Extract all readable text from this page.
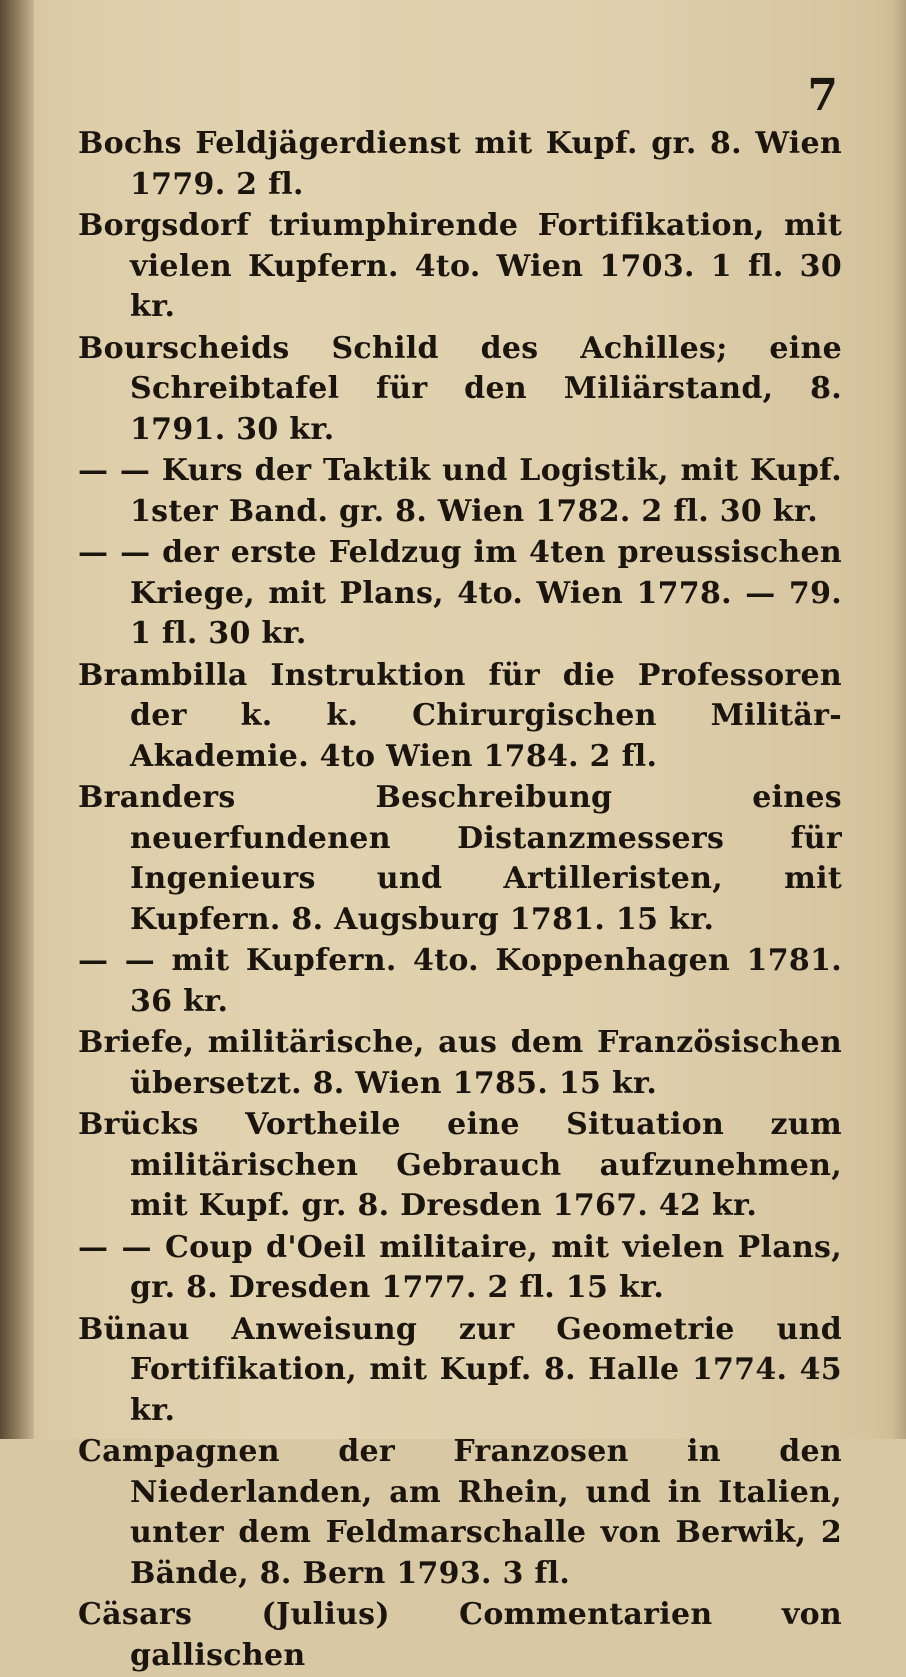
7

Bochs Feldjägerdienst mit Kupf. gr. 8. Wien 1779. 2 fl.

Borgsdorf triumphirende Fortifikation, mit vielen Kupfern. 4to. Wien 1703. 1 fl. 30 kr.

Bourscheids Schild des Achilles; eine Schreibtafel für den Miliärstand, 8. 1791. 30 kr.

— — Kurs der Taktik und Logistik, mit Kupf. 1ster Band. gr. 8. Wien 1782. 2 fl. 30 kr.

— — der erste Feldzug im 4ten preussischen Kriege, mit Plans, 4to. Wien 1778. — 79. 1 fl. 30 kr.

Brambilla Instruktion für die Professoren der k. k. Chirurgischen Militär-Akademie. 4to Wien 1784. 2 fl.

Branders Beschreibung eines neuerfundenen Distanzmessers für Ingenieurs und Artilleristen, mit Kupfern. 8. Augsburg 1781. 15 kr.

— — mit Kupfern. 4to. Koppenhagen 1781. 36 kr.

Briefe, militärische, aus dem Französischen übersetzt. 8. Wien 1785. 15 kr.

Brücks Vortheile eine Situation zum militärischen Gebrauch aufzunehmen, mit Kupf. gr. 8. Dresden 1767. 42 kr.

— — Coup d'Oeil militaire, mit vielen Plans, gr. 8. Dresden 1777. 2 fl. 15 kr.

Bünau Anweisung zur Geometrie und Fortifikation, mit Kupf. 8. Halle 1774. 45 kr.

Campagnen der Franzosen in den Niederlanden, am Rhein, und in Italien, unter dem Feldmarschalle von Berwik, 2 Bände, 8. Bern 1793. 3 fl.

Cäsars (Julius) Commentarien von gallischen
